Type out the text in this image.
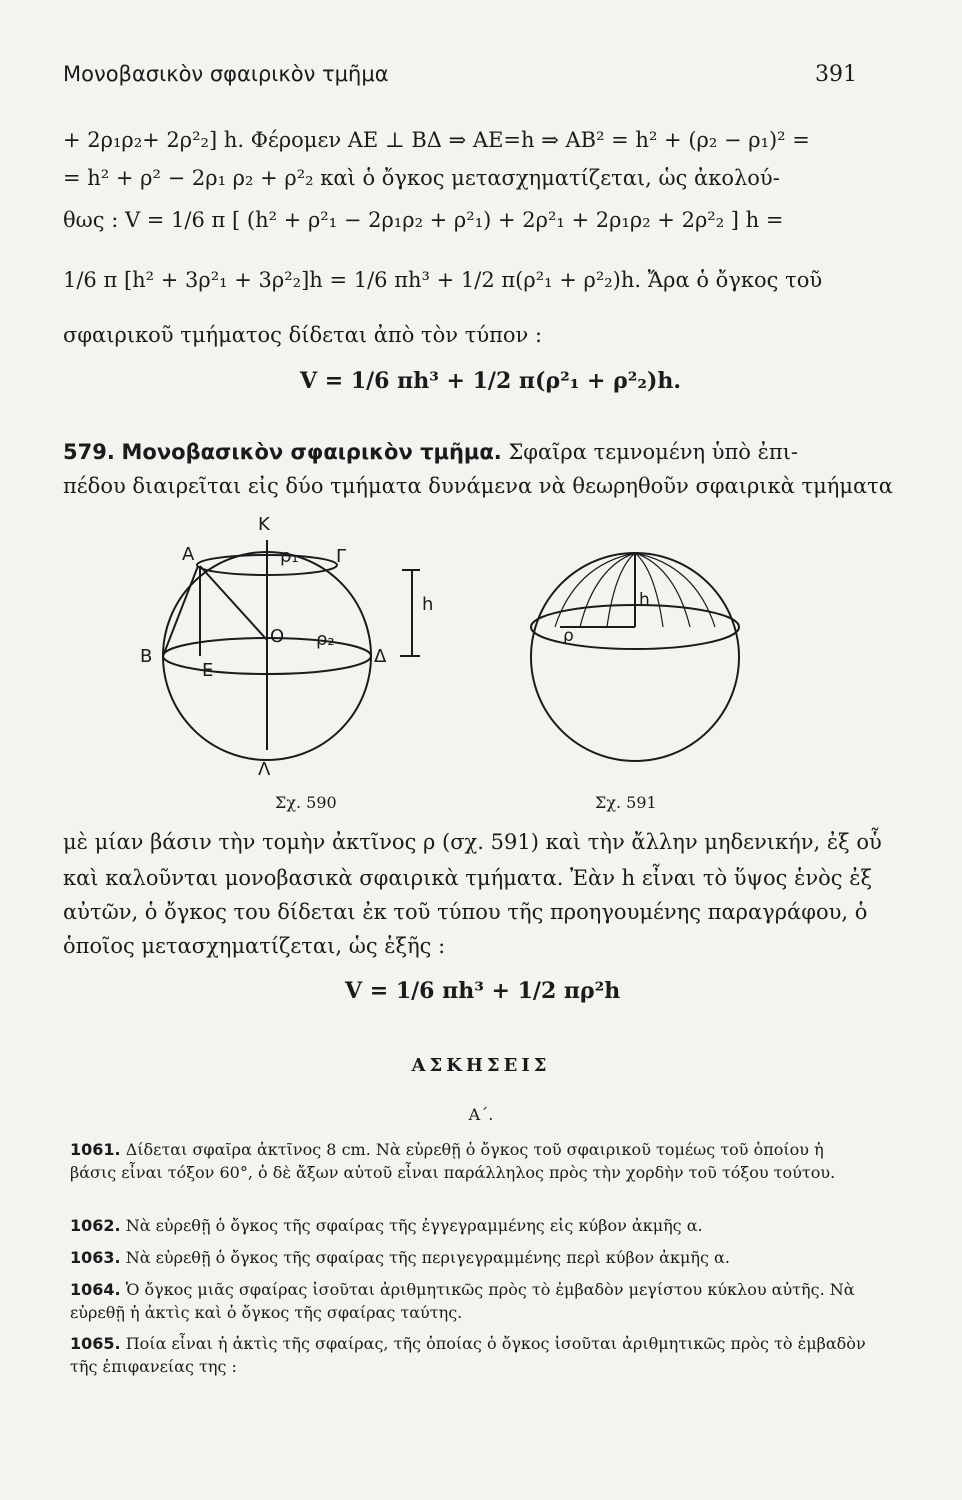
Μονοβασικὸν σφαιρικὸν τμῆμα	391
+ 2ρ₁ρ₂+ 2ρ²₂] h. Φέρομεν ΑΕ ⊥ ΒΔ ⇒ ΑΕ=h ⇒ ΑΒ² = h² + (ρ₂ − ρ₁)² =
= h² + ρ² − 2ρ₁ ρ₂ + ρ²₂ καὶ ὁ ὄγκος μετασχηματίζεται, ὡς ἀκολού-
θως : V = 1/6 π [ (h² + ρ²₁ − 2ρ₁ρ₂ + ρ²₁) + 2ρ²₁ + 2ρ₁ρ₂ + 2ρ²₂ ] h =
1/6 π [h² + 3ρ²₁ + 3ρ²₂]h = 1/6 πh³ + 1/2 π(ρ²₁ + ρ²₂)h. Ἄρα ὁ ὄγκος τοῦ
σφαιρικοῦ τμήματος δίδεται ἀπὸ τὸν τύπον :
V = 1/6 πh³ + 1/2 π(ρ²₁ + ρ²₂)h.
579. Μονοβασικὸν σφαιρικὸν τμῆμα. Σφαῖρα τεμνομένη ὑπὸ ἐπι-
πέδου διαιρεῖται εἰς δύο τμήματα δυνάμενα νὰ θεωρηθοῦν σφαιρικὰ τμήματα
K
A	ρ₁ Γ
h
O ρ₂
B
E
Δ
Λ
Σχ. 590
h
ρ
Σχ. 591
μὲ μίαν βάσιν τὴν τομὴν ἀκτῖνος ρ (σχ. 591) καὶ τὴν ἄλλην μηδενικήν, ἐξ οὗ
καὶ καλοῦνται μονοβασικὰ σφαιρικὰ τμήματα. Ἐὰν h εἶναι τὸ ὕψος ἑνὸς ἐξ
αὐτῶν, ὁ ὄγκος του δίδεται ἐκ τοῦ τύπου τῆς προηγουμένης παραγράφου, ὁ
ὁποῖος μετασχηματίζεται, ὡς ἑξῆς :
V = 1/6 πh³ + 1/2 πρ²h
ΑΣΚΗΣΕΙΣ
Α΄.
1061. Δίδεται σφαῖρα ἀκτῖνος 8 cm. Νὰ εὑρεθῇ ὁ ὄγκος τοῦ σφαιρικοῦ τομέως τοῦ ὁποίου ἡ βάσις εἶναι τόξον 60°, ὁ δὲ ἄξων αὐτοῦ εἶναι παράλληλος πρὸς τὴν χορδὴν τοῦ τόξου τούτου.
1062. Νὰ εὑρεθῇ ὁ ὄγκος τῆς σφαίρας τῆς ἐγγεγραμμένης εἰς κύβον ἀκμῆς α.
1063. Νὰ εὑρεθῇ ὁ ὄγκος τῆς σφαίρας τῆς περιγεγραμμένης περὶ κύβον ἀκμῆς α.
1064. Ὁ ὄγκος μιᾶς σφαίρας ἰσοῦται ἀριθμητικῶς πρὸς τὸ ἐμβαδὸν μεγίστου κύκλου αὐτῆς. Νὰ εὑρεθῇ ἡ ἀκτὶς καὶ ὁ ὄγκος τῆς σφαίρας ταύτης.
1065. Ποία εἶναι ἡ ἀκτὶς τῆς σφαίρας, τῆς ὁποίας ὁ ὄγκος ἰσοῦται ἀριθμητικῶς πρὸς τὸ ἐμβαδὸν τῆς ἐπιφανείας της :
